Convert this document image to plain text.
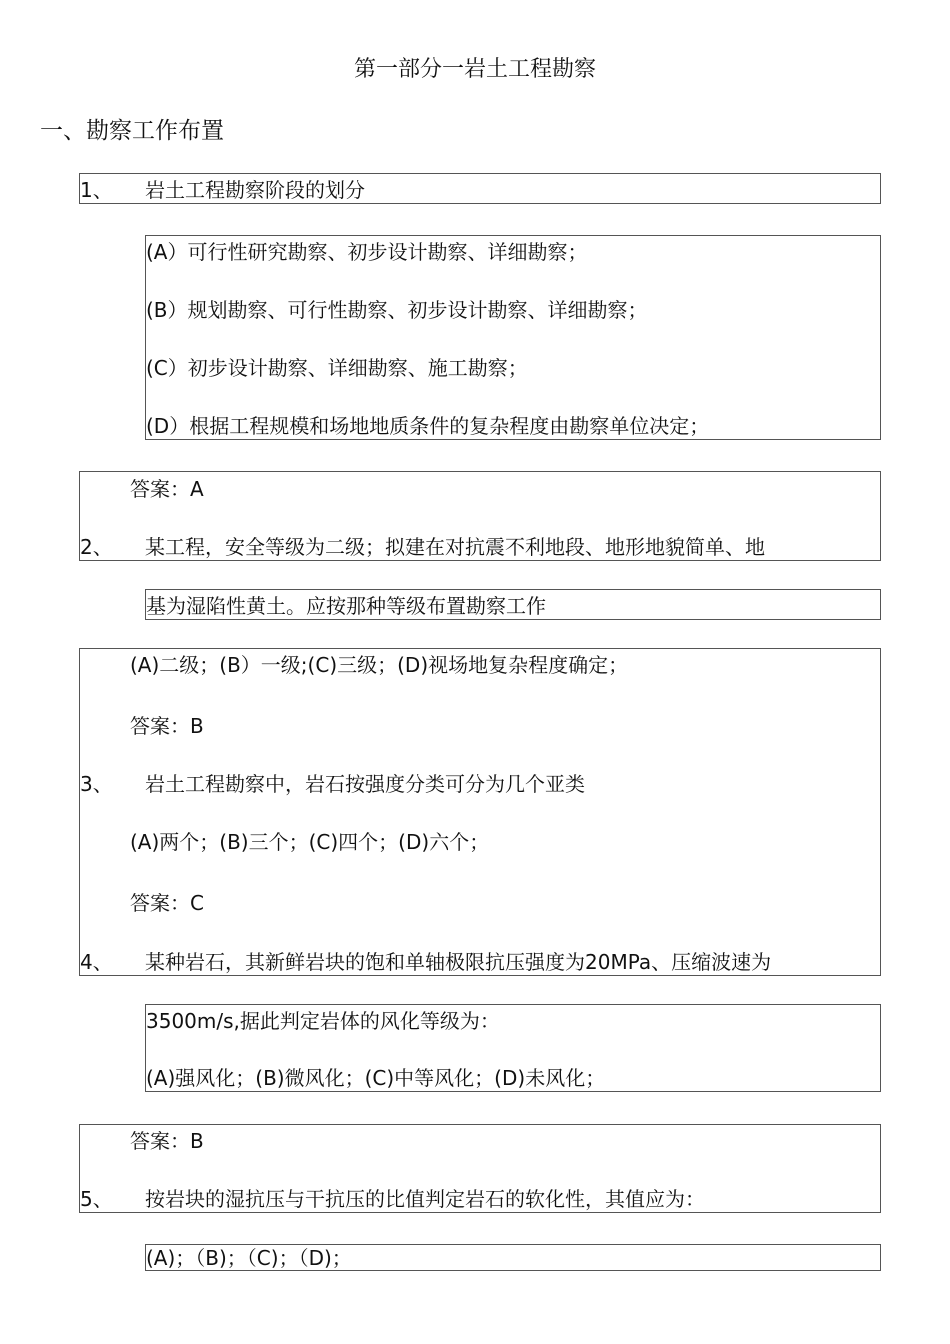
第一部分一岩土工程勘察
一、勘察工作布置
1、 岩土工程勘察阶段的划分
(A）可行性研究勘察、初步设计勘察、详细勘察；
(B）规划勘察、可行性勘察、初步设计勘察、详细勘察；
(C）初步设计勘察、详细勘察、施工勘察；
(D）根据工程规模和场地地质条件的复杂程度由勘察单位决定；
答案：A
2、 某工程，安全等级为二级；拟建在对抗震不利地段、地形地貌简单、地
基为湿陷性黄土。应按那种等级布置勘察工作
(A)二级；(B）一级;(C)三级；(D)视场地复杂程度确定；
答案：B
3、 岩土工程勘察中，岩石按强度分类可分为几个亚类
(A)两个；(B)三个；(C)四个；(D)六个；
答案：C
4、 某种岩石，其新鲜岩块的饱和单轴极限抗压强度为20MPa、压缩波速为
3500m/s,据此判定岩体的风化等级为：
(A)强风化；(B)微风化；(C)中等风化；(D)未风化；
答案：B
5、 按岩块的湿抗压与干抗压的比值判定岩石的软化性，其值应为：
(A)；（B)；（C)；（D)；
